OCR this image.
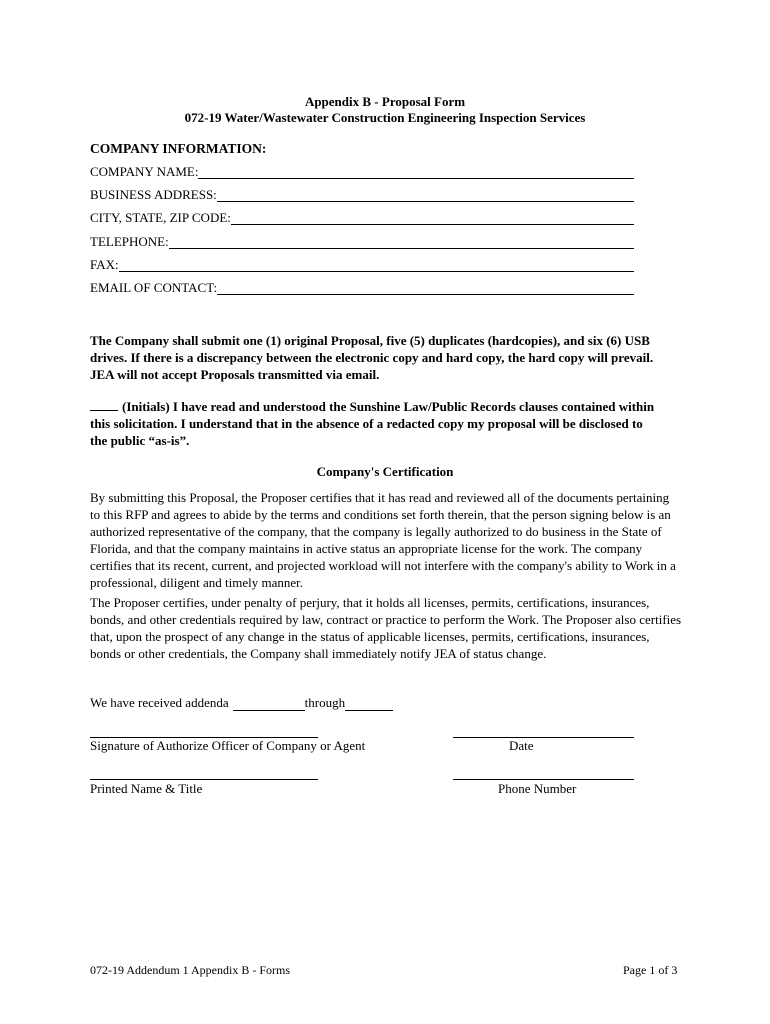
Appendix B - Proposal Form
072-19 Water/Wastewater Construction Engineering Inspection Services
COMPANY INFORMATION:
COMPANY NAME:
BUSINESS ADDRESS:
CITY, STATE, ZIP CODE:
TELEPHONE:
FAX:
EMAIL OF CONTACT:
The Company shall submit one (1) original Proposal, five (5) duplicates (hardcopies), and six (6) USB drives. If there is a discrepancy between the electronic copy and hard copy, the hard copy will prevail. JEA will not accept Proposals transmitted via email.
(Initials) I have read and understood the Sunshine Law/Public Records clauses contained within this solicitation. I understand that in the absence of a redacted copy my proposal will be disclosed to the public “as-is”.
Company's Certification
By submitting this Proposal, the Proposer certifies that it has read and reviewed all of the documents pertaining to this RFP and agrees to abide by the terms and conditions set forth therein, that the person signing below is an authorized representative of the company, that the company is legally authorized to do business in the State of Florida, and that the company maintains in active status an appropriate license for the work. The company certifies that its recent, current, and projected workload will not interfere with the company's ability to Work in a professional, diligent and timely manner.
The Proposer certifies, under penalty of perjury, that it holds all licenses, permits, certifications, insurances, bonds, and other credentials required by law, contract or practice to perform the Work. The Proposer also certifies that, upon the prospect of any change in the status of applicable licenses, permits, certifications, insurances, bonds or other credentials, the Company shall immediately notify JEA of status change.
We have received addenda	through
Signature of Authorize Officer of Company or Agent	Date
Printed Name & Title	Phone Number
072-19 Addendum 1 Appendix B - Forms	Page 1 of 3
